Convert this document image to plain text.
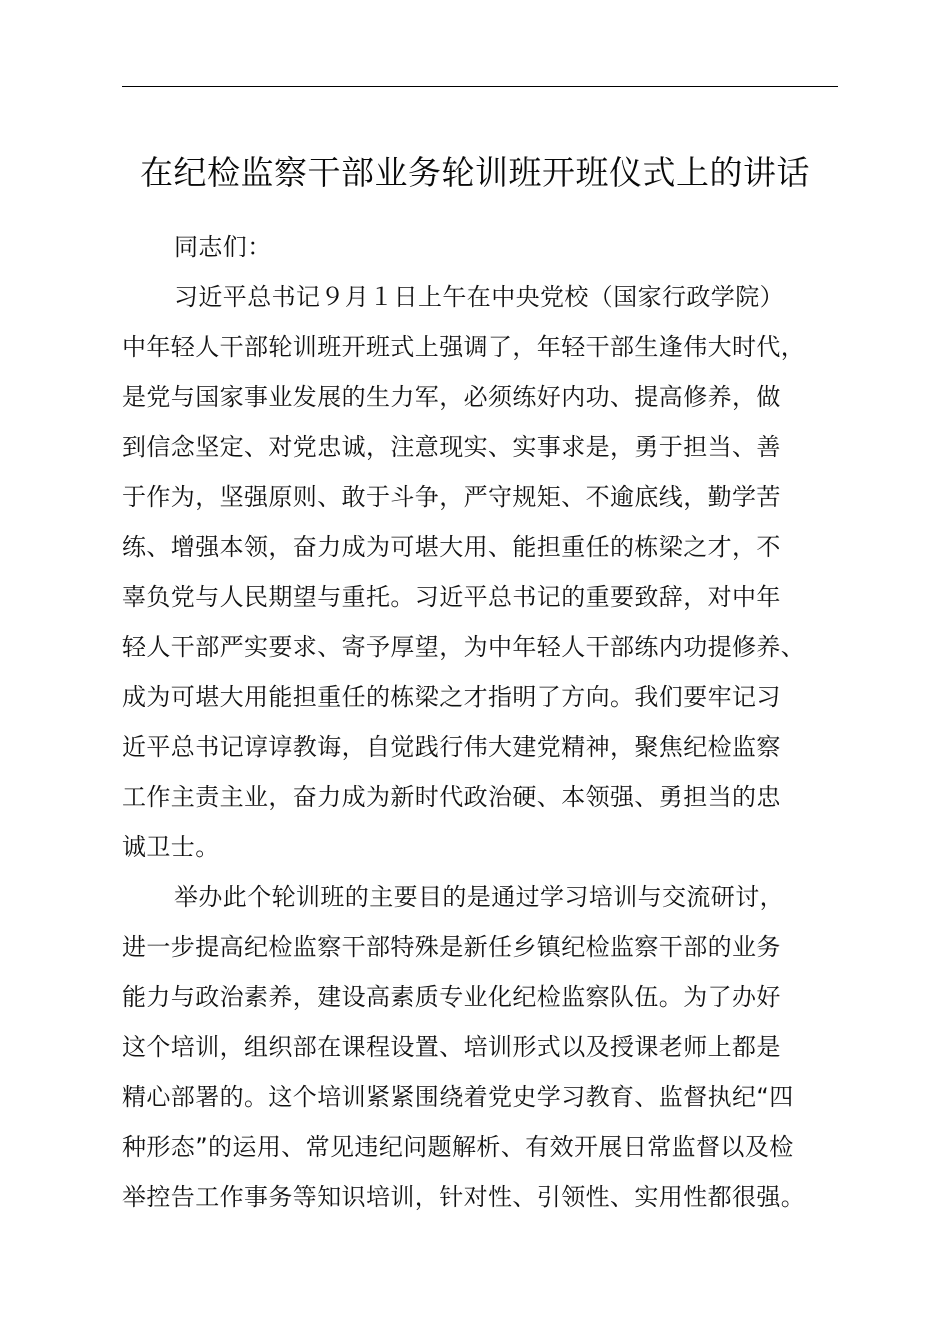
在纪检监察干部业务轮训班开班仪式上的讲话
同志们：
习近平总书记９月１日上午在中央党校（国家行政学院）
中年轻人干部轮训班开班式上强调了，年轻干部生逢伟大时代，
是党与国家事业发展的生力军，必须练好内功、提高修养，做
到信念坚定、对党忠诚，注意现实、实事求是，勇于担当、善
于作为，坚强原则、敢于斗争，严守规矩、不逾底线，勤学苦
练、增强本领，奋力成为可堪大用、能担重任的栋梁之才，不
辜负党与人民期望与重托。习近平总书记的重要致辞，对中年
轻人干部严实要求、寄予厚望，为中年轻人干部练内功提修养、
成为可堪大用能担重任的栋梁之才指明了方向。我们要牢记习
近平总书记谆谆教诲，自觉践行伟大建党精神，聚焦纪检监察
工作主责主业，奋力成为新时代政治硬、本领强、勇担当的忠
诚卫士。
举办此个轮训班的主要目的是通过学习培训与交流研讨，
进一步提高纪检监察干部特殊是新任乡镇纪检监察干部的业务
能力与政治素养，建设高素质专业化纪检监察队伍。为了办好
这个培训，组织部在课程设置、培训形式以及授课老师上都是
精心部署的。这个培训紧紧围绕着党史学习教育、监督执纪“四
种形态”的运用、常见违纪问题解析、有效开展日常监督以及检
举控告工作事务等知识培训，针对性、引领性、实用性都很强。
